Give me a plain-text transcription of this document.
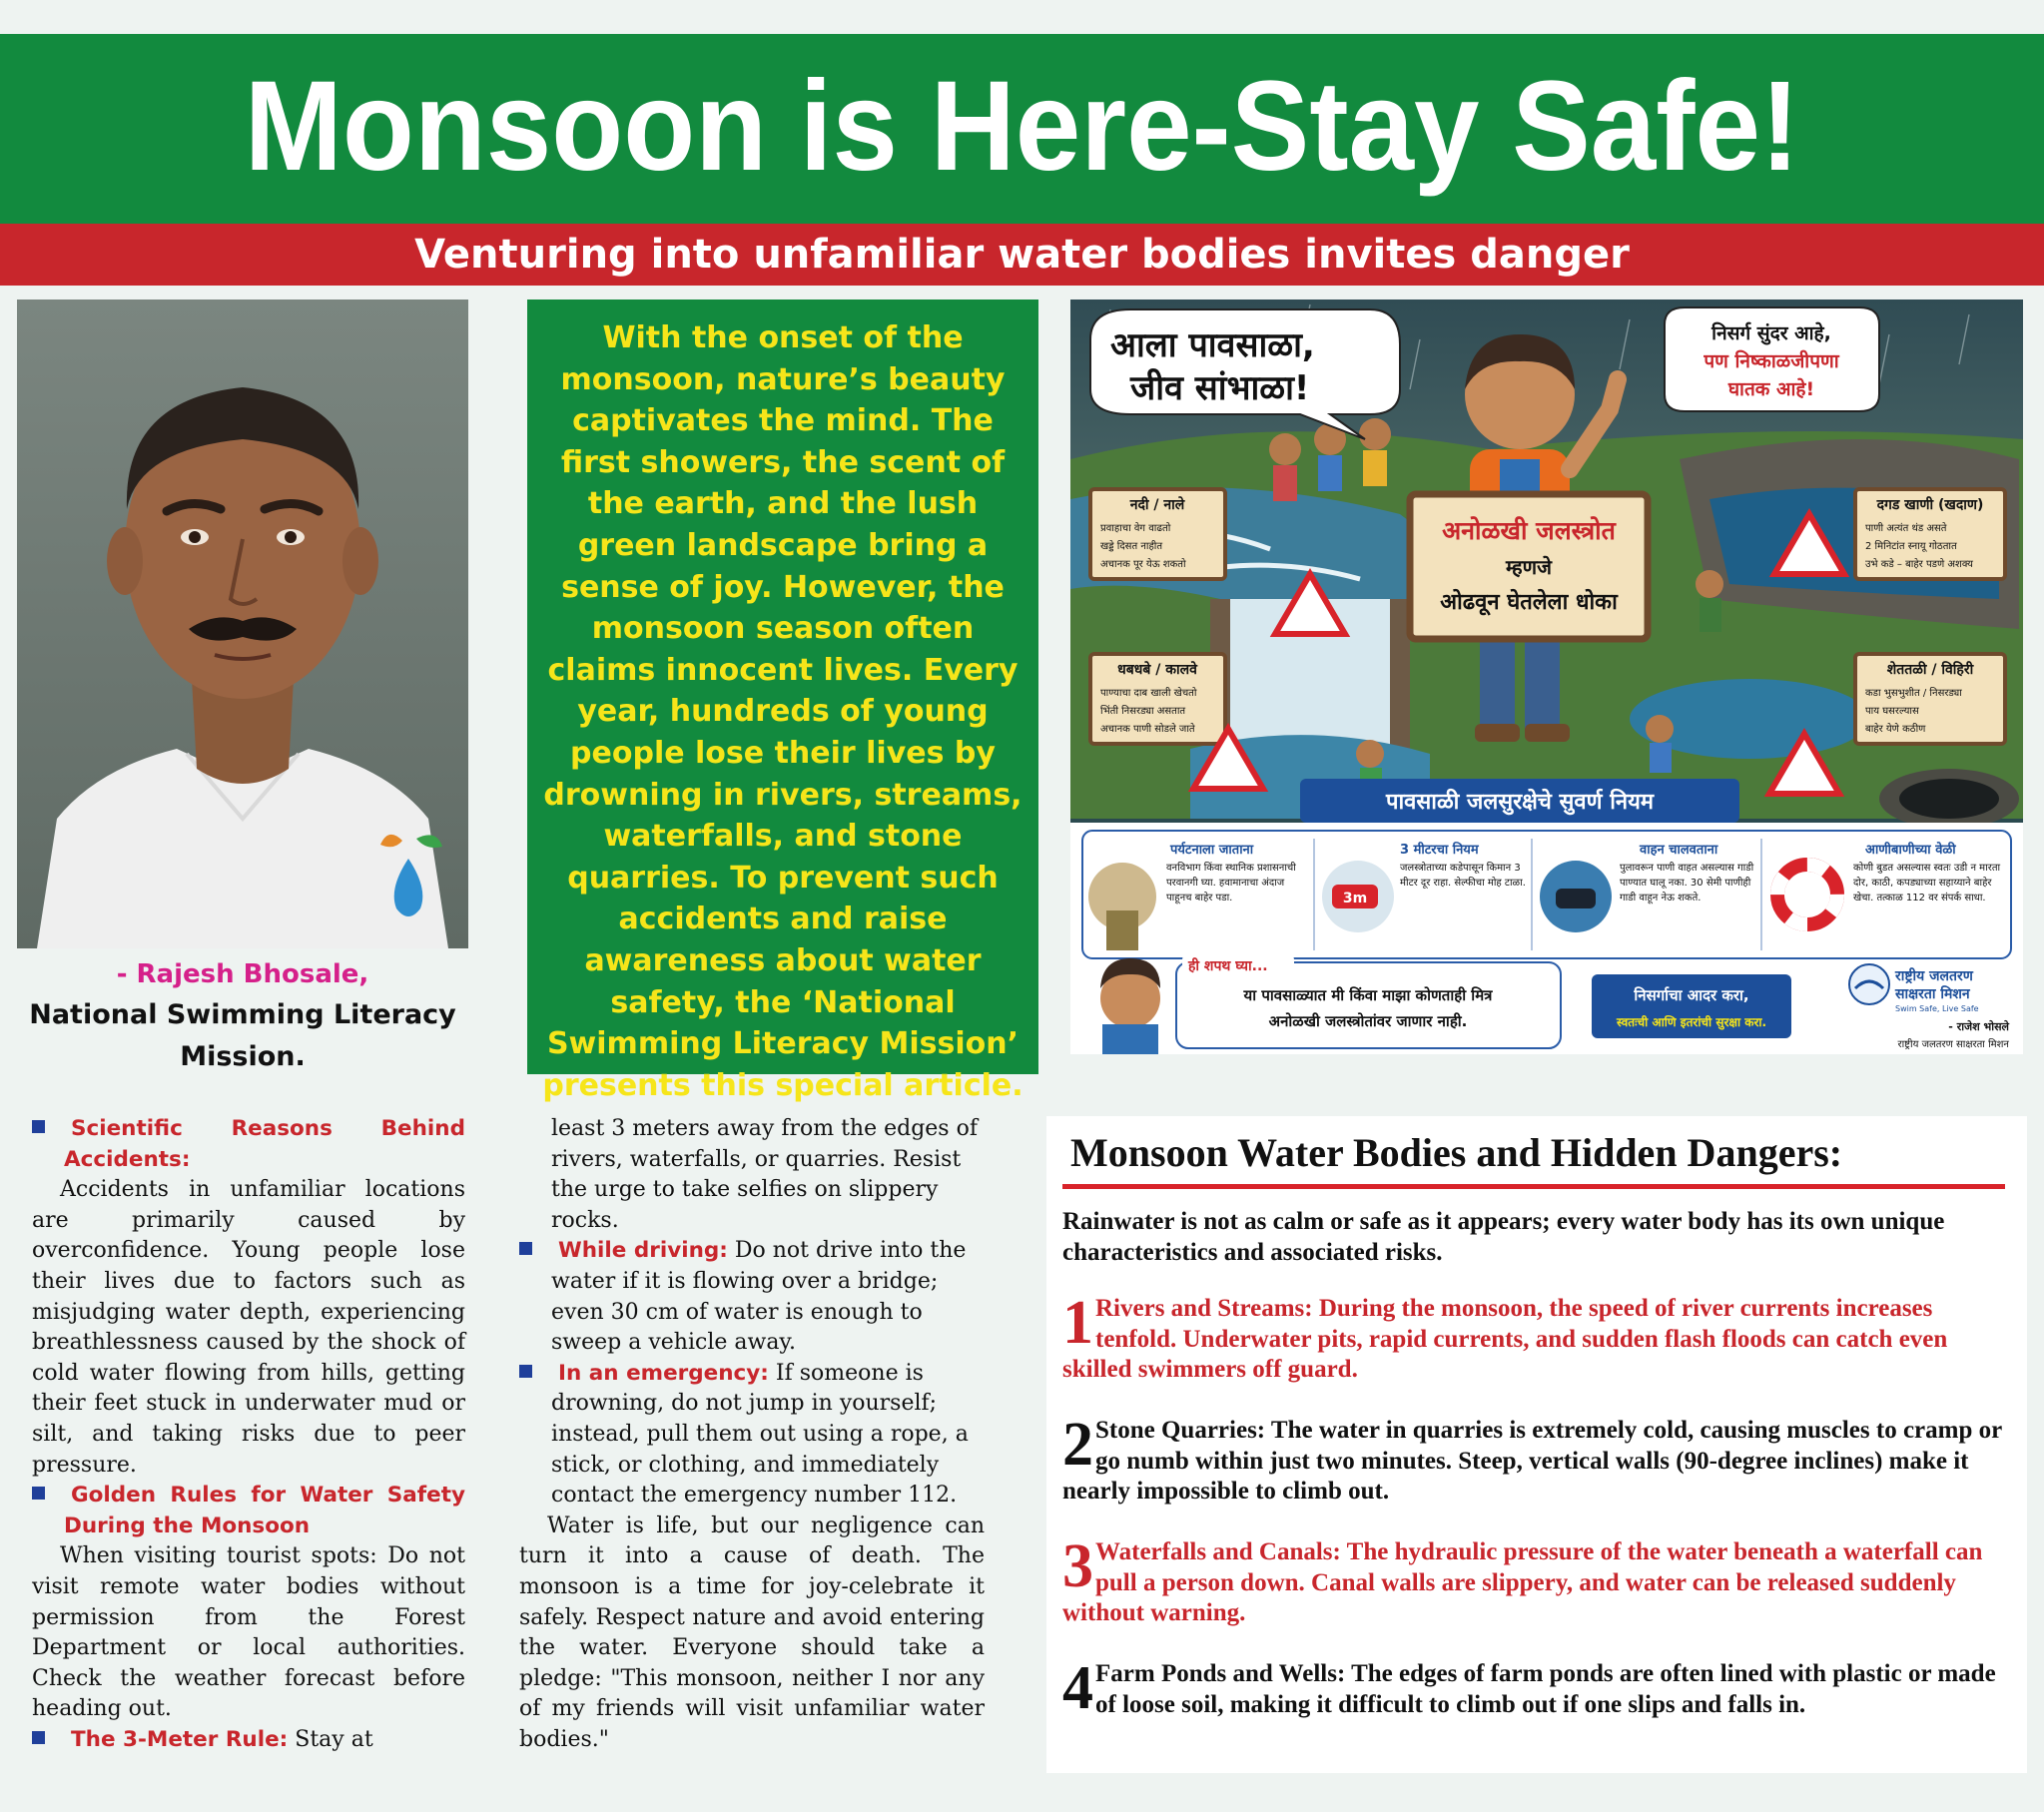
Monsoon is Here-Stay Safe!
Venturing into unfamiliar water bodies invites danger
- Rajesh Bhosale,
National Swimming Literacy Mission.
With the onset of the monsoon, nature’s beauty captivates the mind. The first showers, the scent of the earth, and the lush green landscape bring a sense of joy. However, the monsoon season often claims innocent lives. Every year, hundreds of young people lose their lives by drowning in rivers, streams, waterfalls, and stone quarries. To prevent such accidents and raise awareness about water safety, the ‘National Swimming Literacy Mission’ presents this special article.
आला पावसाळा,
जीव सांभाळा!
निसर्ग सुंदर आहे,
पण निष्काळजीपणा
घातक आहे!
अनोळखी जलस्त्रोत
म्हणजे
ओढवून घेतलेला धोका
नदी / नाले
प्रवाहाचा वेग वाढतो
खड्डे दिसत नाहीत
अचानक पूर येऊ शकतो
दगड खाणी (खदाण)
पाणी अत्यंत थंड असते
2 मिनिटांत स्नायू गोठतात
उभे कडे – बाहेर पडणे अशक्य
धबधबे / कालवे
पाण्याचा दाब खाली खेचतो
भिंती निसरड्या असतात
अचानक पाणी सोडले जाते
शेततळी / विहिरी
कडा भुसभुशीत / निसरड्या
पाय घसरल्यास
बाहेर येणे कठीण
पावसाळी जलसुरक्षेचे सुवर्ण नियम
पर्यटनाला जाताना
वनविभाग किंवा स्थानिक प्रशासनाची परवानगी घ्या. हवामानाचा अंदाज पाहूनच बाहेर पडा.	3m
3 मीटरचा नियम
जलस्त्रोताच्या कडेपासून किमान 3 मीटर दूर राहा. सेल्फीचा मोह टाळा.
वाहन चालवताना
पुलावरून पाणी वाहत असल्यास गाडी पाण्यात घालू नका. 30 सेमी पाणीही गाडी वाहून नेऊ शकते.
आणीबाणीच्या वेळी
कोणी बुडत असल्यास स्वतः उडी न मारता दोर, काठी, कपड्याच्या सहाय्याने बाहेर खेचा. तत्काळ 112 वर संपर्क साधा.
ही शपथ घ्या...
या पावसाळ्यात मी किंवा माझा कोणताही मित्र
अनोळखी जलस्त्रोतांवर जाणार नाही.
निसर्गाचा आदर करा,
स्वतःची आणि इतरांची सुरक्षा करा.
राष्ट्रीय जलतरण
साक्षरता मिशन
Swim Safe, Live Safe
- राजेश भोसले
राष्ट्रीय जलतरण साक्षरता मिशन

Scientific Reasons Behind Accidents:

Accidents in unfamiliar locations are primarily caused by overconfidence. Young people lose their lives due to factors such as misjudging water depth, experiencing breathlessness caused by the shock of cold water flowing from hills, getting their feet stuck in underwater mud or silt, and taking risks due to peer pressure.

Golden Rules for Water Safety During the Monsoon

When visiting tourist spots: Do not visit remote water bodies without permission from the Forest Department or local authorities. Check the weather forecast before heading out.

The 3-Meter Rule: Stay at

least 3 meters away from the edges of rivers, waterfalls, or quarries. Resist the urge to take selfies on slippery rocks.

While driving: Do not drive into the water if it is flowing over a bridge; even 30 cm of water is enough to sweep a vehicle away.

In an emergency: If someone is drowning, do not jump in yourself; instead, pull them out using a rope, a stick, or clothing, and immediately contact the emergency number 112.

Water is life, but our negligence can turn it into a cause of death. The monsoon is a time for joy-celebrate it safely. Respect nature and avoid entering the water. Everyone should take a pledge: "This monsoon, neither I nor any of my friends will visit unfamiliar water bodies."

Monsoon Water Bodies and Hidden Dangers:
Rainwater is not as calm or safe as it appears; every water body has its own unique characteristics and associated risks.
1 Rivers and Streams: During the monsoon, the speed of river currents increases tenfold. Underwater pits, rapid currents, and sudden flash floods can catch even skilled swimmers off guard.
2 Stone Quarries: The water in quarries is extremely cold, causing muscles to cramp or go numb within just two minutes. Steep, vertical walls (90-degree inclines) make it nearly impossible to climb out.
3 Waterfalls and Canals: The hydraulic pressure of the water beneath a waterfall can pull a person down. Canal walls are slippery, and water can be released suddenly without warning.
4 Farm Ponds and Wells: The edges of farm ponds are often lined with plastic or made of loose soil, making it difficult to climb out if one slips and falls in.
